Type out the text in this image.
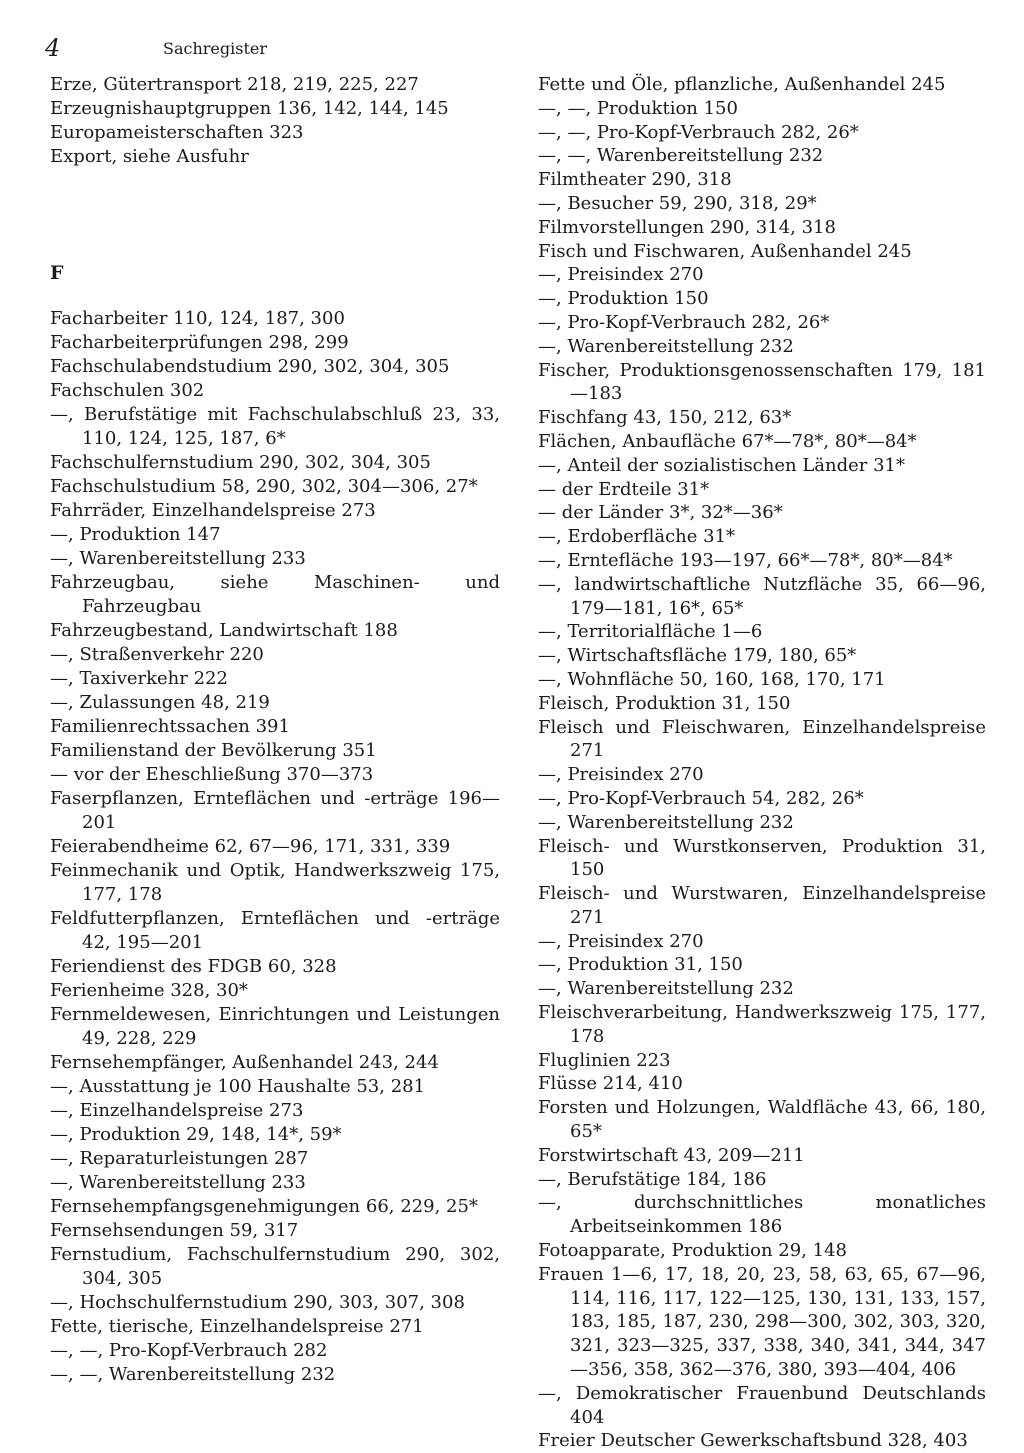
4	Sachregister
Erze, Gütertransport 218, 219, 225, 227
Erzeugnishauptgruppen 136, 142, 144, 145
Europameisterschaften 323
Export, siehe Ausfuhr
F
Facharbeiter 110, 124, 187, 300
Facharbeiterprüfungen 298, 299
Fachschulabendstudium 290, 302, 304, 305
Fachschulen 302
—, Berufstätige mit Fachschulabschluß 23, 33, 110, 124, 125, 187, 6*
Fachschulfernstudium 290, 302, 304, 305
Fachschulstudium 58, 290, 302, 304—306, 27*
Fahrräder, Einzelhandelspreise 273
—, Produktion 147
—, Warenbereitstellung 233
Fahrzeugbau, siehe Maschinen- und Fahrzeugbau
Fahrzeugbestand, Landwirtschaft 188
—, Straßenverkehr 220
—, Taxiverkehr 222
—, Zulassungen 48, 219
Familienrechtssachen 391
Familienstand der Bevölkerung 351
— vor der Eheschließung 370—373
Faserpflanzen, Ernteflächen und -erträge 196—201
Feierabendheime 62, 67—96, 171, 331, 339
Feinmechanik und Optik, Handwerkszweig 175, 177, 178
Feldfutterpflanzen, Ernteflächen und -erträge 42, 195—201
Feriendienst des FDGB 60, 328
Ferienheime 328, 30*
Fernmeldewesen, Einrichtungen und Leistungen 49, 228, 229
Fernsehempfänger, Außenhandel 243, 244
—, Ausstattung je 100 Haushalte 53, 281
—, Einzelhandelspreise 273
—, Produktion 29, 148, 14*, 59*
—, Reparaturleistungen 287
—, Warenbereitstellung 233
Fernsehempfangsgenehmigungen 66, 229, 25*
Fernsehsendungen 59, 317
Fernstudium, Fachschulfernstudium 290, 302, 304, 305
—, Hochschulfernstudium 290, 303, 307, 308
Fette, tierische, Einzelhandelspreise 271
—, —, Pro-Kopf-Verbrauch 282
—, —, Warenbereitstellung 232
Fette und Öle, pflanzliche, Außenhandel 245
—, —, Produktion 150
—, —, Pro-Kopf-Verbrauch 282, 26*
—, —, Warenbereitstellung 232
Filmtheater 290, 318
—, Besucher 59, 290, 318, 29*
Filmvorstellungen 290, 314, 318
Fisch und Fischwaren, Außenhandel 245
—, Preisindex 270
—, Produktion 150
—, Pro-Kopf-Verbrauch 282, 26*
—, Warenbereitstellung 232
Fischer, Produktionsgenossenschaften 179, 181—183
Fischfang 43, 150, 212, 63*
Flächen, Anbaufläche 67*—78*, 80*—84*
—, Anteil der sozialistischen Länder 31*
— der Erdteile 31*
— der Länder 3*, 32*—36*
—, Erdoberfläche 31*
—, Erntefläche 193—197, 66*—78*, 80*—84*
—, landwirtschaftliche Nutzfläche 35, 66—96, 179—181, 16*, 65*
—, Territorialfläche 1—6
—, Wirtschaftsfläche 179, 180, 65*
—, Wohnfläche 50, 160, 168, 170, 171
Fleisch, Produktion 31, 150
Fleisch und Fleischwaren, Einzelhandelspreise 271
—, Preisindex 270
—, Pro-Kopf-Verbrauch 54, 282, 26*
—, Warenbereitstellung 232
Fleisch- und Wurstkonserven, Produktion 31, 150
Fleisch- und Wurstwaren, Einzelhandelspreise 271
—, Preisindex 270
—, Produktion 31, 150
—, Warenbereitstellung 232
Fleischverarbeitung, Handwerkszweig 175, 177, 178
Fluglinien 223
Flüsse 214, 410
Forsten und Holzungen, Waldfläche 43, 66, 180, 65*
Forstwirtschaft 43, 209—211
—, Berufstätige 184, 186
—, durchschnittliches monatliches Arbeitseinkommen 186
Fotoapparate, Produktion 29, 148
Frauen 1—6, 17, 18, 20, 23, 58, 63, 65, 67—96, 114, 116, 117, 122—125, 130, 131, 133, 157, 183, 185, 187, 230, 298—300, 302, 303, 320, 321, 323—325, 337, 338, 340, 341, 344, 347—356, 358, 362—376, 380, 393—404, 406
—, Demokratischer Frauenbund Deutschlands 404
Freier Deutscher Gewerkschaftsbund 328, 403
